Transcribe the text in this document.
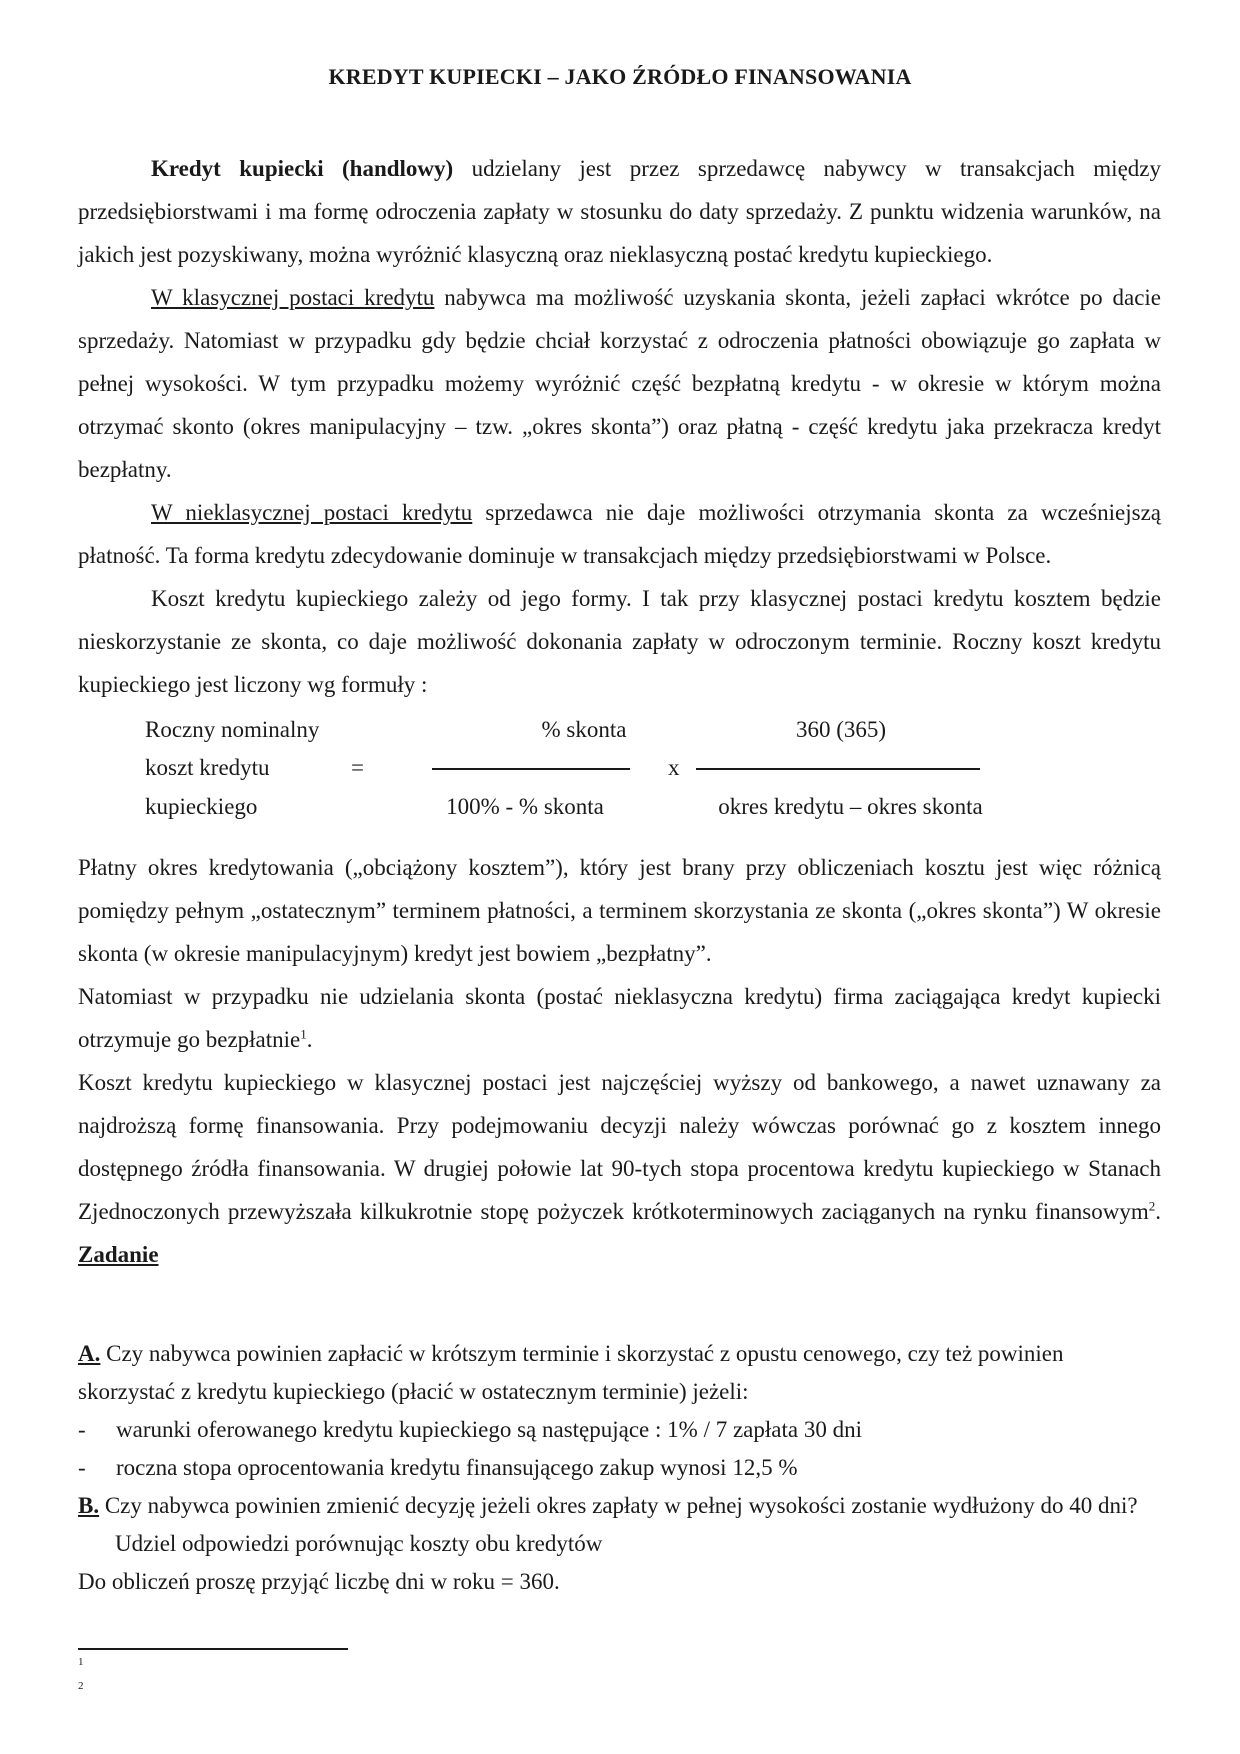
KREDYT KUPIECKI – JAKO ŹRÓDŁO FINANSOWANIA

Kredyt kupiecki (handlowy) udzielany jest przez sprzedawcę nabywcy w transakcjach między przedsiębiorstwami i ma formę odroczenia zapłaty w stosunku do daty sprzedaży. Z punktu widzenia warunków, na jakich jest pozyskiwany, można wyróżnić klasyczną oraz nieklasyczną postać kredytu kupieckiego.

W klasycznej postaci kredytu nabywca ma możliwość uzyskania skonta, jeżeli zapłaci wkrótce po dacie sprzedaży. Natomiast w przypadku gdy będzie chciał korzystać z odroczenia płatności obowiązuje go zapłata w pełnej wysokości. W tym przypadku możemy wyróżnić część bezpłatną kredytu - w okresie w którym można otrzymać skonto (okres manipulacyjny – tzw. „okres skonta”) oraz płatną - część kredytu jaka przekracza kredyt bezpłatny.

W nieklasycznej postaci kredytu sprzedawca nie daje możliwości otrzymania skonta za wcześniejszą płatność. Ta forma kredytu zdecydowanie dominuje w transakcjach między przedsiębiorstwami w Polsce.

Koszt kredytu kupieckiego zależy od jego formy. I tak przy klasycznej postaci kredytu kosztem będzie nieskorzystanie ze skonta, co daje możliwość dokonania zapłaty w odroczonym terminie. Roczny koszt kredytu kupieckiego jest liczony wg formuły :

Roczny nominalny
koszt kredytu
kupieckiego
=
% skonta
100% - % skonta
x
360 (365)
okres kredytu – okres skonta

Płatny okres kredytowania („obciążony kosztem”), który jest brany przy obliczeniach kosztu jest więc różnicą pomiędzy pełnym „ostatecznym” terminem płatności, a terminem skorzystania ze skonta („okres skonta”) W okresie skonta (w okresie manipulacyjnym) kredyt jest bowiem „bezpłatny”.

Natomiast w przypadku nie udzielania skonta (postać nieklasyczna kredytu) firma zaciągająca kredyt kupiecki otrzymuje go bezpłatnie$^1$.

Koszt kredytu kupieckiego w klasycznej postaci jest najczęściej wyższy od bankowego, a nawet uznawany za najdroższą formę finansowania. Przy podejmowaniu decyzji należy wówczas porównać go z kosztem innego dostępnego źródła finansowania. W drugiej połowie lat 90-tych stopa procentowa kredytu kupieckiego w Stanach Zjednoczonych przewyższała kilkukrotnie stopę pożyczek krótkoterminowych zaciąganych na rynku finansowym$^2$. Zadanie

A. Czy nabywca powinien zapłacić w krótszym terminie i skorzystać z opustu cenowego, czy też powinien skorzystać z kredytu kupieckiego (płacić w ostatecznym terminie) jeżeli:

- warunki oferowanego kredytu kupieckiego są następujące : 1% / 7 zapłata 30 dni

- roczna stopa oprocentowania kredytu finansującego zakup wynosi 12,5 %

B. Czy nabywca powinien zmienić decyzję jeżeli okres zapłaty w pełnej wysokości zostanie wydłużony do 40 dni?

Udziel odpowiedzi porównując koszty obu kredytów

Do obliczeń proszę przyjąć liczbę dni w roku = 360.

1
2
